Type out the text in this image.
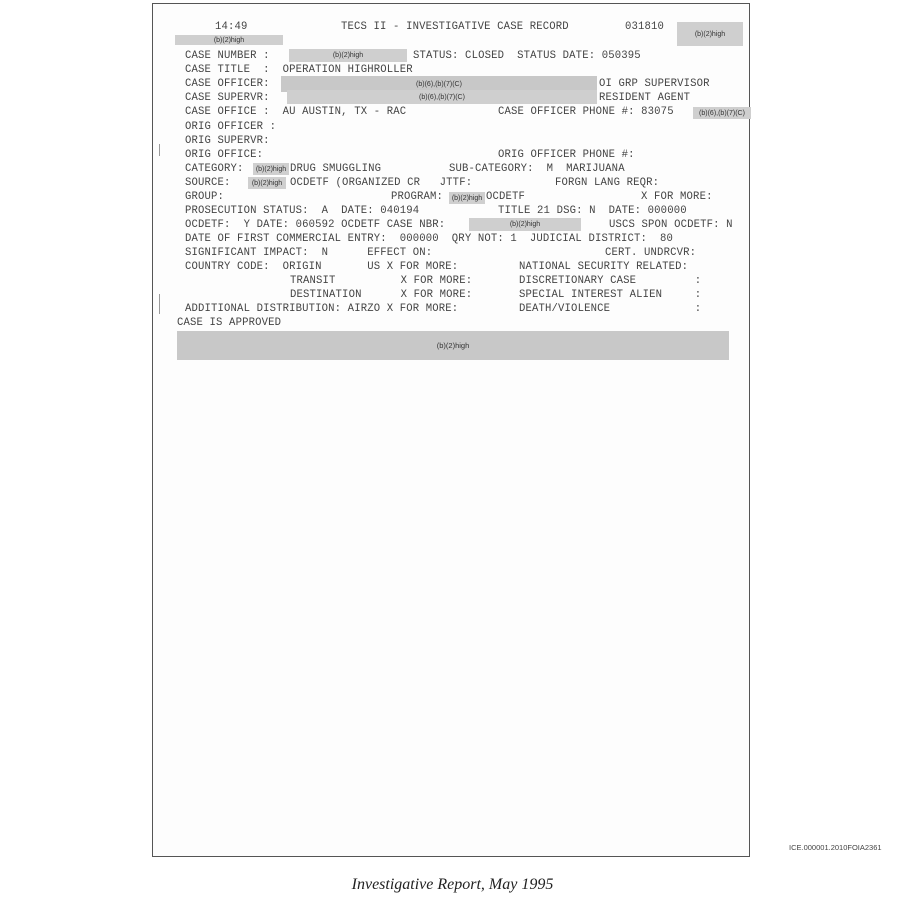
14:49
(b)(2)high
TECS II - INVESTIGATIVE CASE RECORD	031810
(b)(2)high
CASE NUMBER :	(b)(2)high	STATUS: CLOSED  STATUS DATE: 050395
CASE TITLE  :  OPERATION HIGHROLLER
CASE OFFICER:	(b)(6),(b)(7)(C)	OI GRP SUPERVISOR
CASE SUPERVR:	(b)(6),(b)(7)(C)	RESIDENT AGENT
CASE OFFICE :  AU AUSTIN, TX - RAC	CASE OFFICER PHONE #: 83075	(b)(6),(b)(7)(C)
ORIG OFFICER :
ORIG SUPERVR:
ORIG OFFICE:	ORIG OFFICER PHONE #:
CATEGORY:	(b)(2)high DRUG SMUGGLING	SUB-CATEGORY:  M  MARIJUANA
SOURCE:	(b)(2)high OCDETF (ORGANIZED CR   JTTF:	FORGN LANG REQR:
GROUP:	PROGRAM:	(b)(2)high OCDETF	X FOR MORE:
PROSECUTION STATUS:  A  DATE: 040194	TITLE 21 DSG: N  DATE: 000000
OCDETF:  Y DATE: 060592 OCDETF CASE NBR:	(b)(2)high	USCS SPON OCDETF: N
DATE OF FIRST COMMERCIAL ENTRY:  000000  QRY NOT: 1  JUDICIAL DISTRICT:  80
SIGNIFICANT IMPACT:  N      EFFECT ON:	CERT. UNDRCVR:
COUNTRY CODE:  ORIGIN       US X FOR MORE:	NATIONAL SECURITY RELATED:
TRANSIT          X FOR MORE:	DISCRETIONARY CASE         :
DESTINATION      X FOR MORE:	SPECIAL INTEREST ALIEN     :
ADDITIONAL DISTRIBUTION: AIRZO X FOR MORE:	DEATH/VIOLENCE             :
CASE IS APPROVED
(b)(2)high
ICE.000001.2010FOIA2361
Investigative Report, May 1995
